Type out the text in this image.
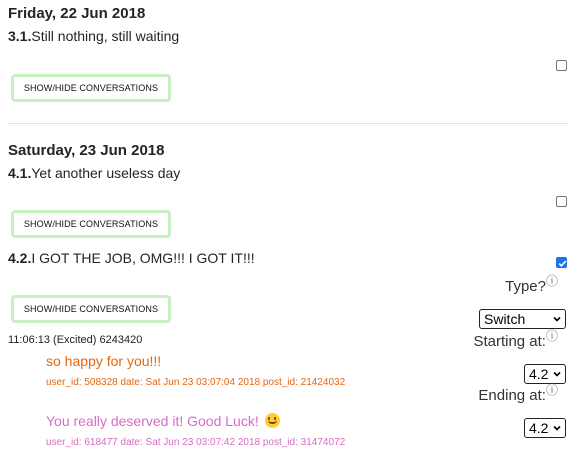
Friday, 22 Jun 2018
3.1.Still nothing, still waiting
SHOW/HIDE CONVERSATIONS
Saturday, 23 Jun 2018
4.1.Yet another useless day
SHOW/HIDE CONVERSATIONS
4.2.I GOT THE JOB, OMG!!! I GOT IT!!!
SHOW/HIDE CONVERSATIONS
Type?ⓘ
Switch
Starting at:ⓘ
4.2
Ending at:ⓘ
4.2
11:06:13 (Excited) 6243420
so happy for you!!!
user_id: 508328 date: Sat Jun 23 03:07:04 2018 post_id: 21424032
You really deserved it! Good Luck!
user_id: 618477 date: Sat Jun 23 03:07:42 2018 post_id: 31474072
